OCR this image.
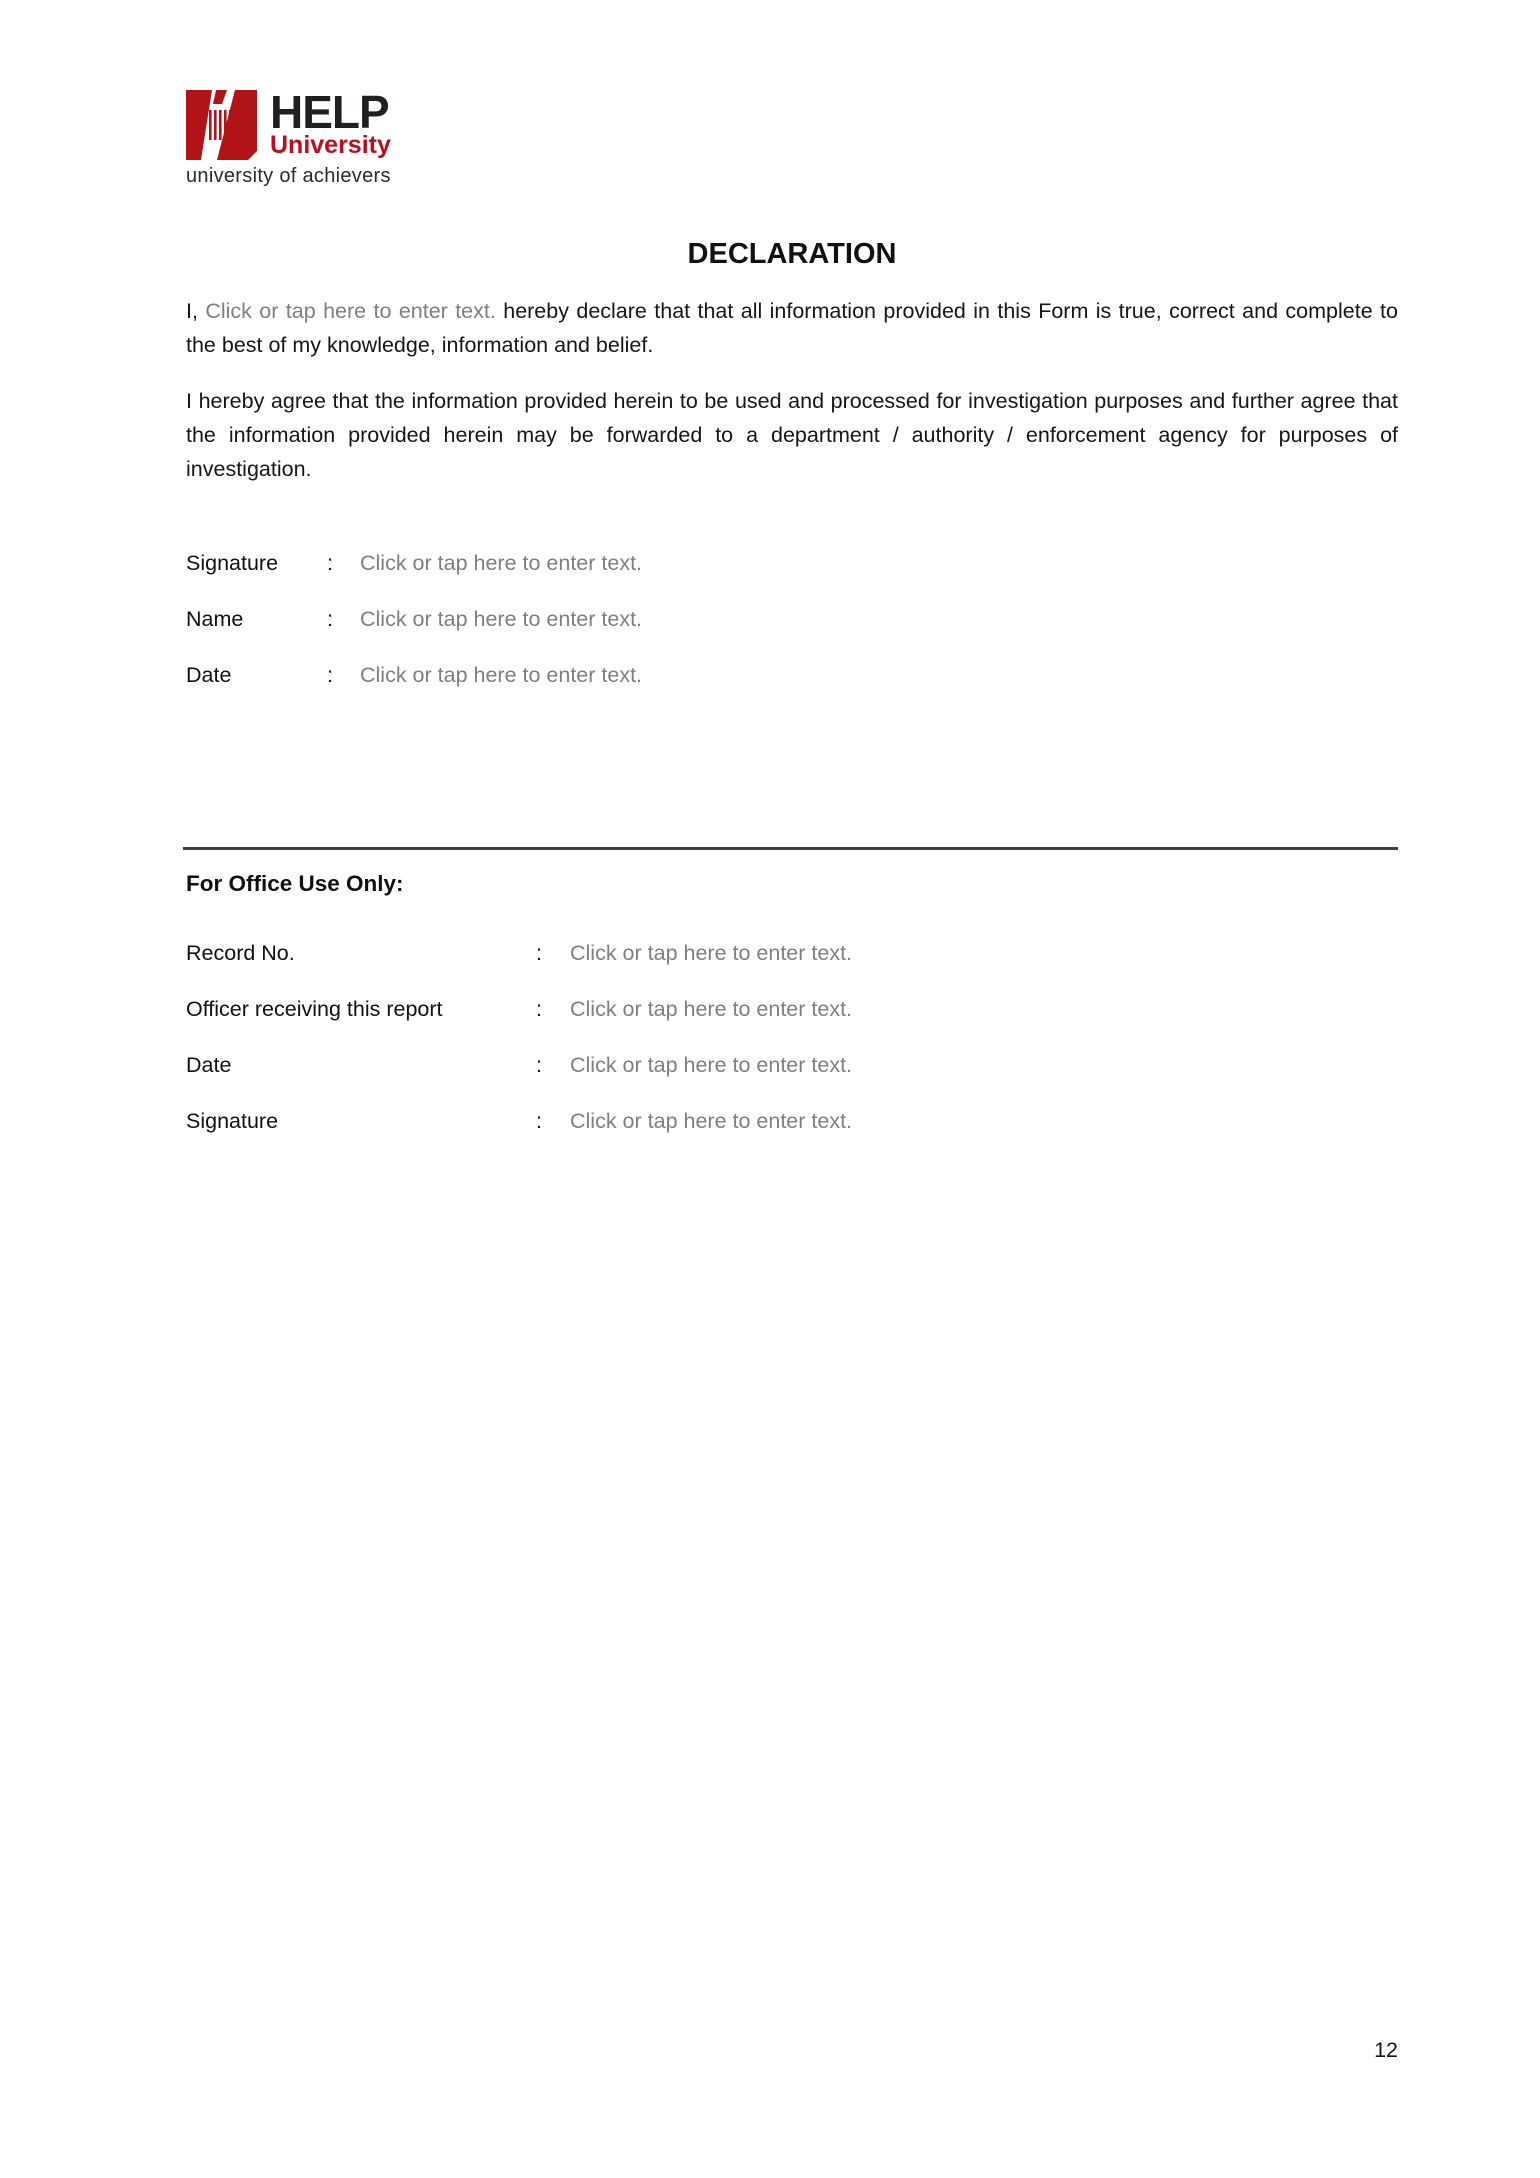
HELP
University
university of achievers
DECLARATION

I, Click or tap here to enter text. hereby declare that that all information provided in this Form is true, correct and complete to the best of my knowledge, information and belief.

I hereby agree that the information provided herein to be used and processed for investigation purposes and further agree that the information provided herein may be forwarded to a department / authority / enforcement agency for purposes of investigation.

Signature	: Click or tap here to enter text.
Name	: Click or tap here to enter text.
Date	: Click or tap here to enter text.
For Office Use Only:
Record No.	: Click or tap here to enter text.
Officer receiving this report	: Click or tap here to enter text.
Date	: Click or tap here to enter text.
Signature	: Click or tap here to enter text.
12
